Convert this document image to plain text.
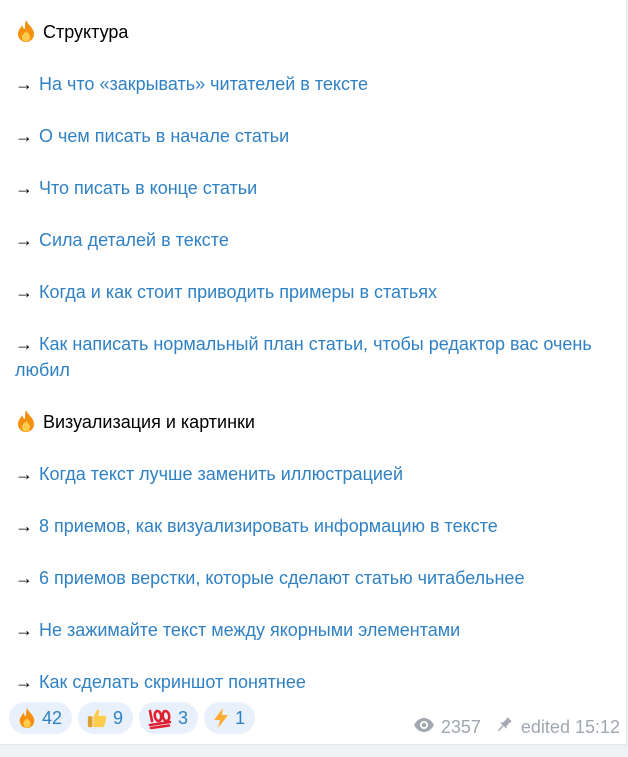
Структура
→ На что «закрывать» читателей в тексте
→ О чем писать в начале статьи
→ Что писать в конце статьи
→ Сила деталей в тексте
→ Когда и как стоит приводить примеры в статьях
→ Как написать нормальный план статьи, чтобы редактор вас очень любил
Визуализация и картинки
→ Когда текст лучше заменить иллюстрацией
→ 8 приемов, как визуализировать информацию в тексте
→ 6 приемов верстки, которые сделают статью читабельнее
→ Не зажимайте текст между якорными элементами
→ Как сделать скриншот понятнее
42	9	3	1	2357 edited 15:12
